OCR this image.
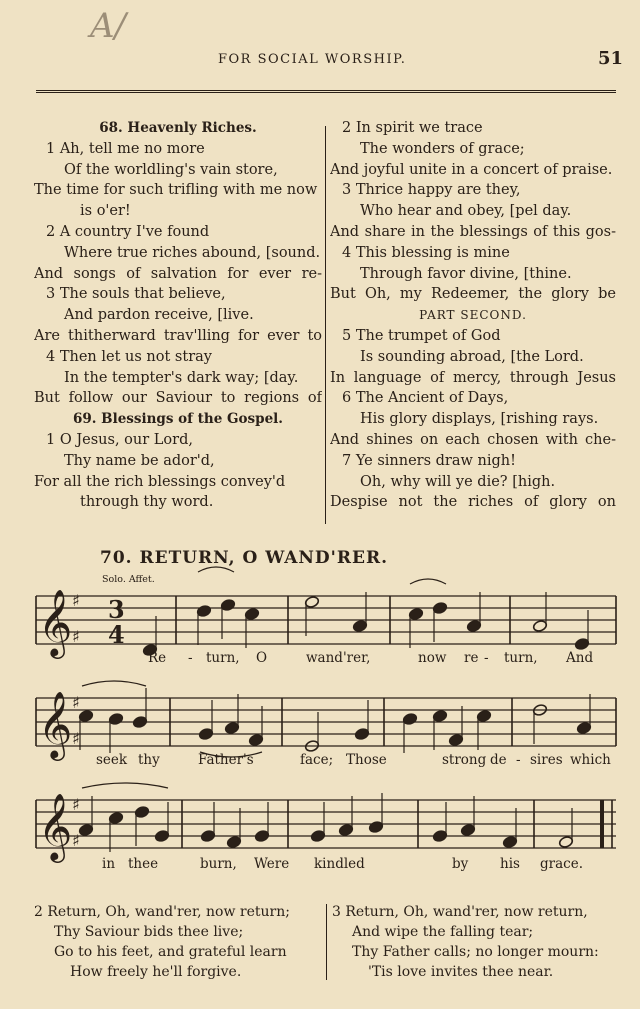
A/
FOR SOCIAL WORSHIP.	51
68. Heavenly Riches.
1 Ah, tell me no more
Of the worldling's vain store,
The time for such trifling with me now
is o'er!
2 A country I've found
Where true riches abound, [sound.
And songs of salvation for ever re-
3 The souls that believe,
And pardon receive, [live.
Are thitherward trav'lling for ever to
4 Then let us not stray
In the tempter's dark way; [day.
But follow our Saviour to regions of
69. Blessings of the Gospel.
1 O Jesus, our Lord,
Thy name be ador'd,
For all the rich blessings convey'd
through thy word.
2 In spirit we trace
The wonders of grace;
And joyful unite in a concert of praise.
3 Thrice happy are they,
Who hear and obey, [pel day.
And share in the blessings of this gos-
4 This blessing is mine
Through favor divine, [thine.
But Oh, my Redeemer, the glory be
PART SECOND.
5 The trumpet of God
Is sounding abroad, [the Lord.
In language of mercy, through Jesus
6 The Ancient of Days,
His glory displays, [rishing rays.
And shines on each chosen with che-
7 Ye sinners draw nigh!
Oh, why will ye die? [high.
Despise not the riches of glory on
70. RETURN, O WAND'RER.
Solo. Affet.
𝄞 ♯
♯
3
4
𝄞 ♯
♯
𝄞 ♯
♯
Re - turn, O	wand'rer,	now re - turn, And
seek thy	Father's	face; Those	strong de - sires which
in thee	burn, Were kindled	by his grace.
2 Return, Oh, wand'rer, now return;
Thy Saviour bids thee live;
Go to his feet, and grateful learn
How freely he'll forgive.
3 Return, Oh, wand'rer, now return,
And wipe the falling tear;
Thy Father calls; no longer mourn:
'Tis love invites thee near.
